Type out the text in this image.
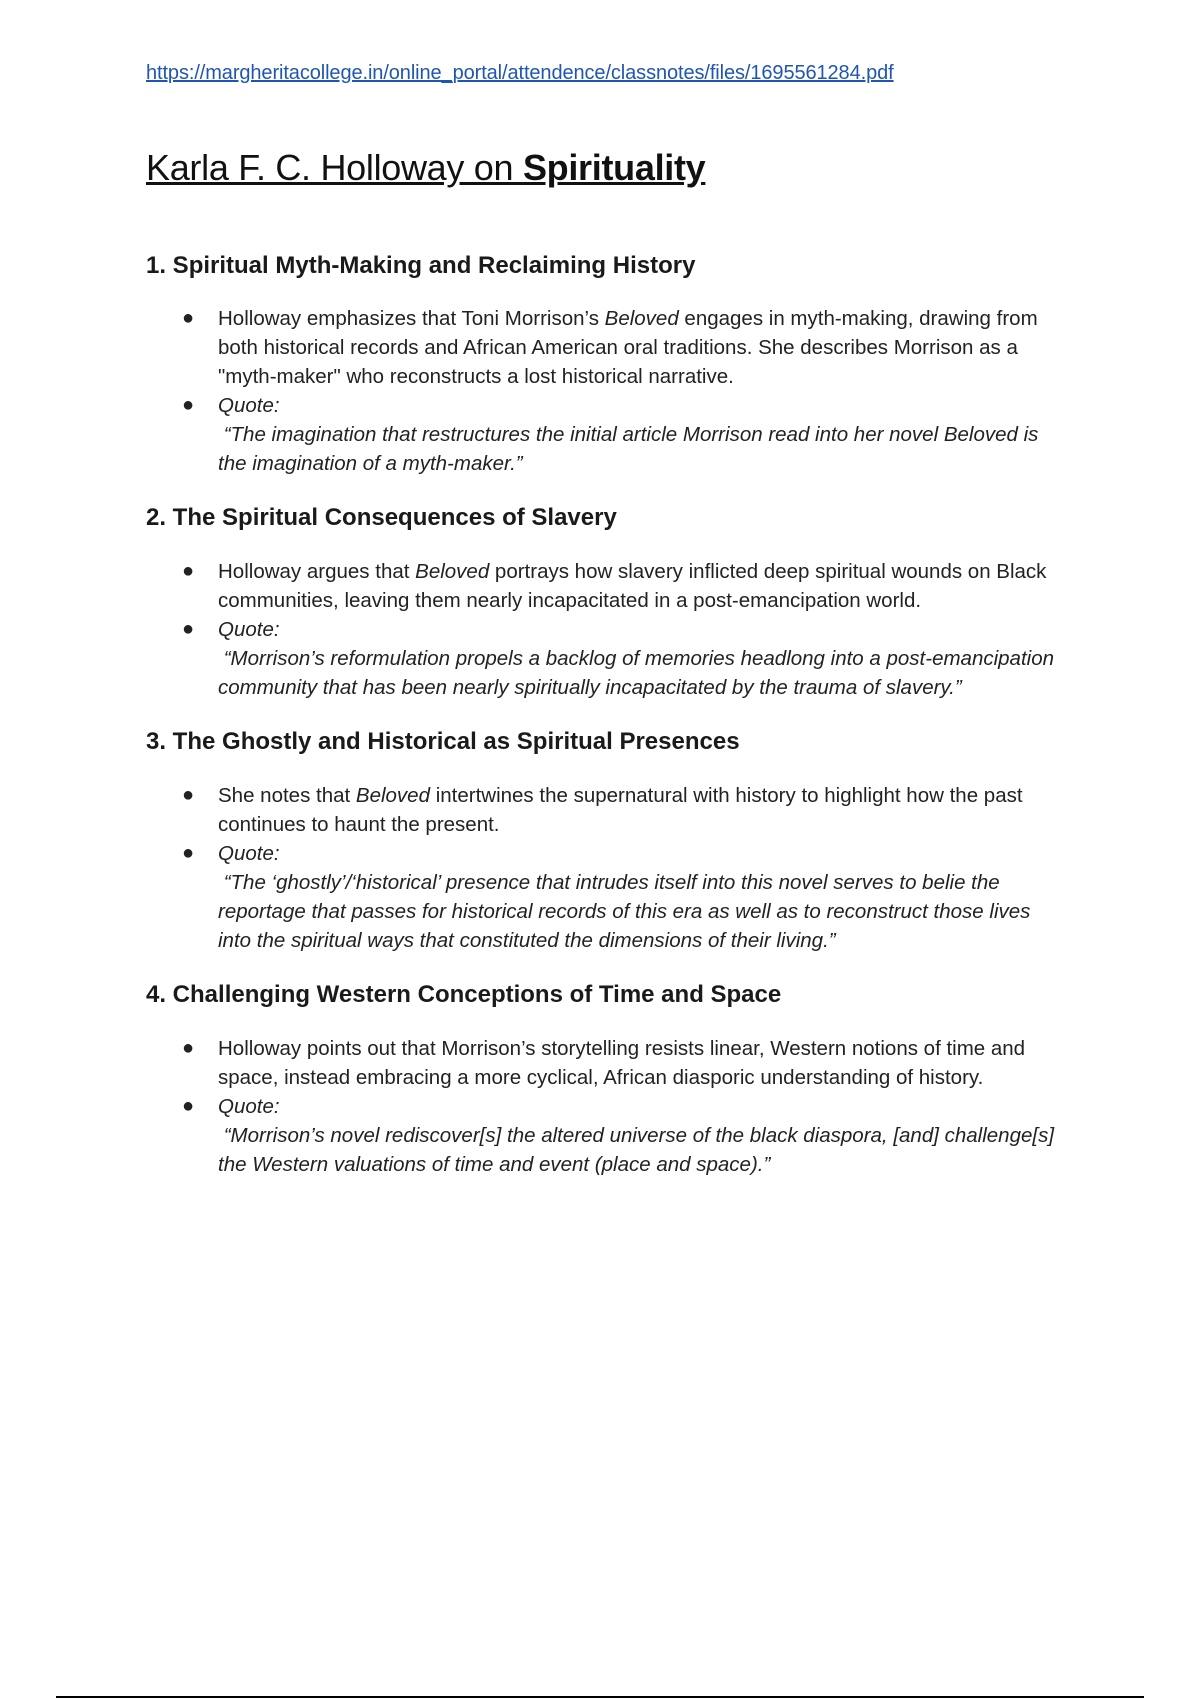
https://margheritacollege.in/online_portal/attendence/classnotes/files/1695561284.pdf
Karla F. C. Holloway on Spirituality
1. Spiritual Myth-Making and Reclaiming History
● Holloway emphasizes that Toni Morrison’s Beloved engages in myth-making, drawing from both historical records and African American oral traditions. She describes Morrison as a "myth-maker" who reconstructs a lost historical narrative.
● Quote:
“The imagination that restructures the initial article Morrison read into her novel Beloved is the imagination of a myth-maker.”
2. The Spiritual Consequences of Slavery
● Holloway argues that Beloved portrays how slavery inflicted deep spiritual wounds on Black communities, leaving them nearly incapacitated in a post-emancipation world.
● Quote:
“Morrison’s reformulation propels a backlog of memories headlong into a post-emancipation community that has been nearly spiritually incapacitated by the trauma of slavery.”
3. The Ghostly and Historical as Spiritual Presences
● She notes that Beloved intertwines the supernatural with history to highlight how the past continues to haunt the present.
● Quote:
“The ‘ghostly’/‘historical’ presence that intrudes itself into this novel serves to belie the reportage that passes for historical records of this era as well as to reconstruct those lives into the spiritual ways that constituted the dimensions of their living.”
4. Challenging Western Conceptions of Time and Space
● Holloway points out that Morrison’s storytelling resists linear, Western notions of time and space, instead embracing a more cyclical, African diasporic understanding of history.
● Quote:
“Morrison’s novel rediscover[s] the altered universe of the black diaspora, [and] challenge[s] the Western valuations of time and event (place and space).”
